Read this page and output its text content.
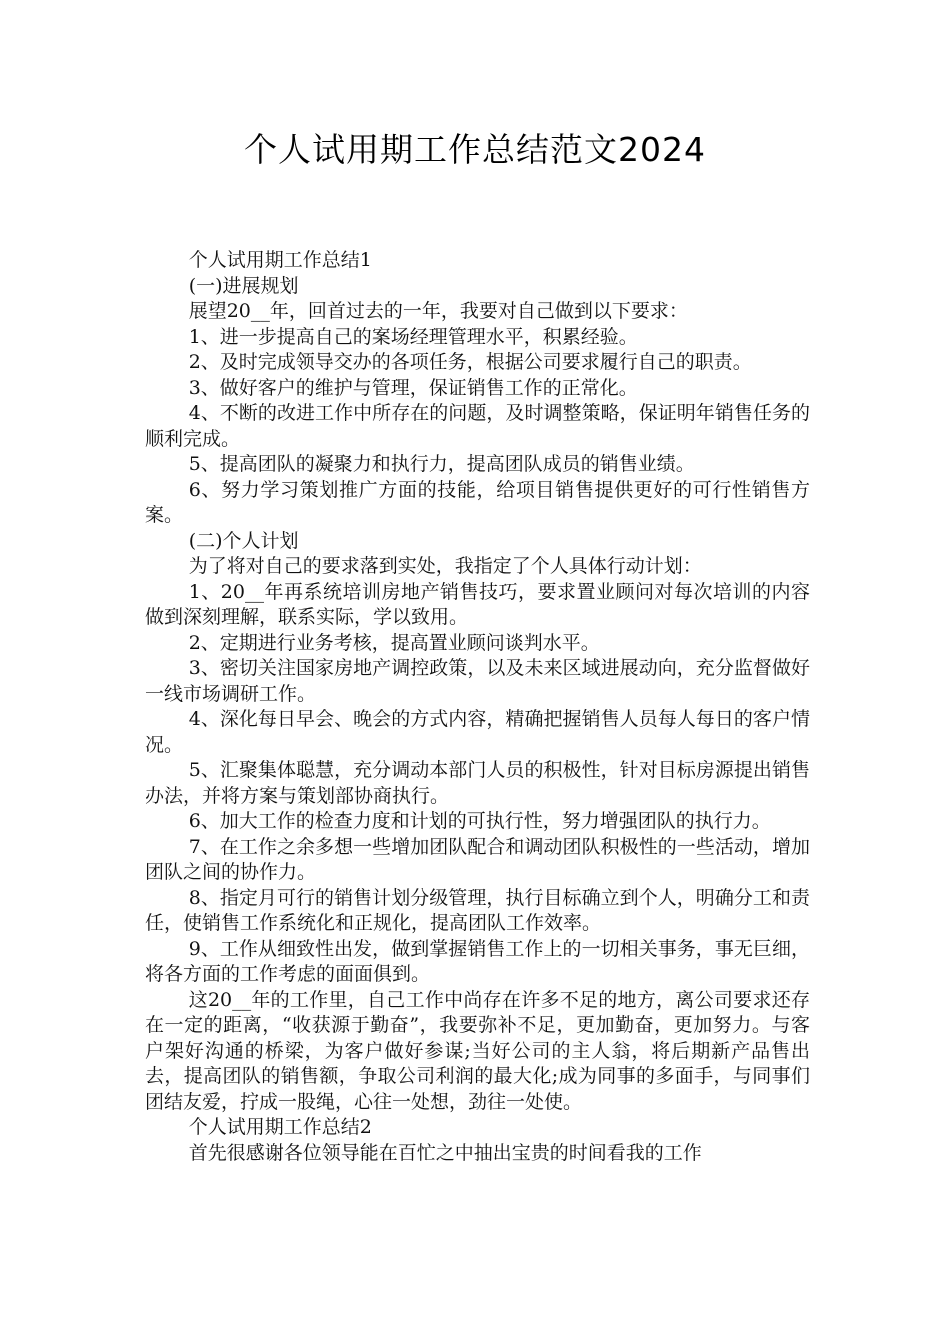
个人试用期工作总结范文2024

个人试用期工作总结1

(一)进展规划

展望20__年，回首过去的一年，我要对自己做到以下要求：

1、进一步提高自己的案场经理管理水平，积累经验。

2、及时完成领导交办的各项任务，根据公司要求履行自己的职责。

3、做好客户的维护与管理，保证销售工作的正常化。

4、不断的改进工作中所存在的问题，及时调整策略，保证明年销售任务的顺利完成。

5、提高团队的凝聚力和执行力，提高团队成员的销售业绩。

6、努力学习策划推广方面的技能，给项目销售提供更好的可行性销售方案。

(二)个人计划

为了将对自己的要求落到实处，我指定了个人具体行动计划：

1、20__年再系统培训房地产销售技巧，要求置业顾问对每次培训的内容做到深刻理解，联系实际，学以致用。

2、定期进行业务考核，提高置业顾问谈判水平。

3、密切关注国家房地产调控政策，以及未来区域进展动向，充分监督做好一线市场调研工作。

4、深化每日早会、晚会的方式内容，精确把握销售人员每人每日的客户情况。

5、汇聚集体聪慧，充分调动本部门人员的积极性，针对目标房源提出销售办法，并将方案与策划部协商执行。

6、加大工作的检查力度和计划的可执行性，努力增强团队的执行力。

7、在工作之余多想一些增加团队配合和调动团队积极性的一些活动，增加团队之间的协作力。

8、指定月可行的销售计划分级管理，执行目标确立到个人，明确分工和责任，使销售工作系统化和正规化，提高团队工作效率。

9、工作从细致性出发，做到掌握销售工作上的一切相关事务，事无巨细，将各方面的工作考虑的面面俱到。

这20__年的工作里，自己工作中尚存在许多不足的地方，离公司要求还存在一定的距离，“收获源于勤奋”，我要弥补不足，更加勤奋，更加努力。与客户架好沟通的桥梁，为客户做好参谋;当好公司的主人翁，将后期新产品售出去，提高团队的销售额，争取公司利润的最大化;成为同事的多面手，与同事们团结友爱，拧成一股绳，心往一处想，劲往一处使。

个人试用期工作总结2

首先很感谢各位领导能在百忙之中抽出宝贵的时间看我的工作
